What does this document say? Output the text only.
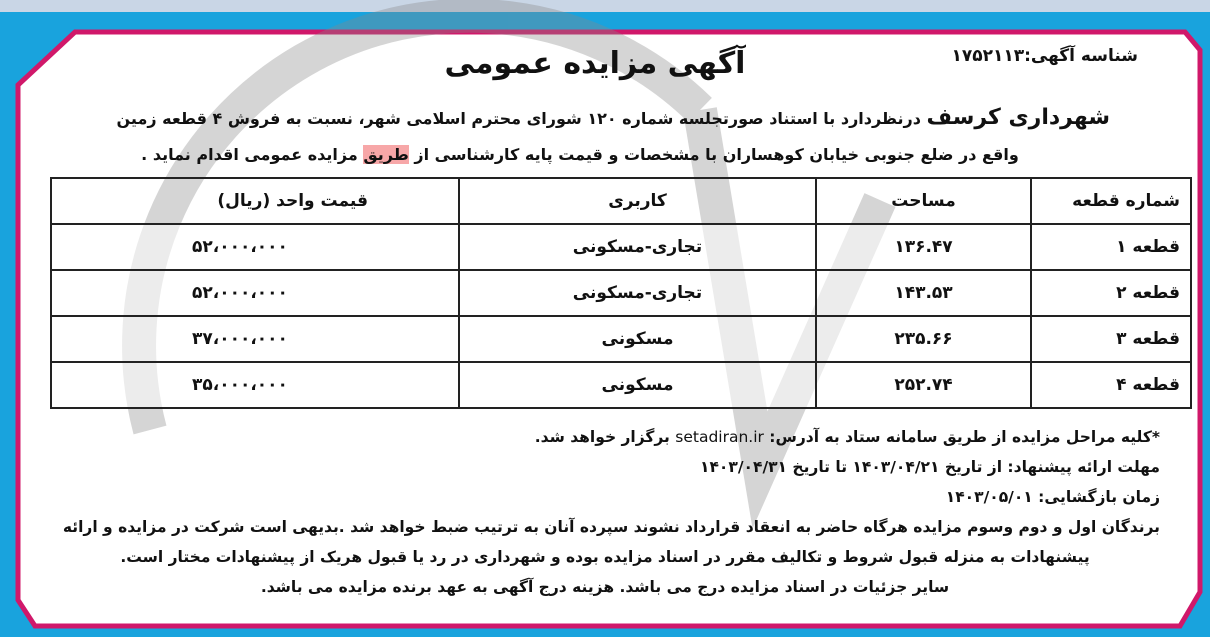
شناسه آگهی:۱۷۵۲۱۱۳
آگهی مزایده عمومی
شهرداری کرسف درنظردارد با استناد صورتجلسه شماره ۱۲۰ شورای محترم اسلامی شهر، نسبت به فروش ۴ قطعه زمین
واقع در ضلع جنوبی خیابان کوهساران با مشخصات و قیمت پایه کارشناسی از طریق مزایده عمومی اقدام نماید .
شماره قطعه	مساحت	کاربری	قیمت واحد (ریال)
قطعه ۱	۱۳۶.۴۷	تجاری-مسکونی	۵۲،۰۰۰،۰۰۰
قطعه ۲	۱۴۳.۵۳	تجاری-مسکونی	۵۲،۰۰۰،۰۰۰
قطعه ۳	۲۳۵.۶۶	مسکونی	۳۷،۰۰۰،۰۰۰
قطعه ۴	۲۵۲.۷۴	مسکونی	۳۵،۰۰۰،۰۰۰
*کلیه مراحل مزایده از طریق سامانه ستاد به آدرس: setadiran.ir برگزار خواهد شد.
مهلت ارائه پیشنهاد: از تاریخ ۱۴۰۳/۰۴/۲۱ تا تاریخ ۱۴۰۳/۰۴/۳۱
زمان بازگشایی: ۱۴۰۳/۰۵/۰۱
برندگان اول و دوم وسوم مزایده هرگاه حاضر به انعقاد قرارداد نشوند سپرده آنان به ترتیب ضبط خواهد شد .بدیهی است شرکت در مزایده و ارائه
پیشنهادات به منزله قبول شروط و تکالیف مقرر در اسناد مزایده بوده و شهرداری در رد یا قبول هریک از پیشنهادات مختار است.
سایر جزئیات در اسناد مزایده درج می باشد. هزینه درج آگهی به عهد برنده مزایده می باشد.
